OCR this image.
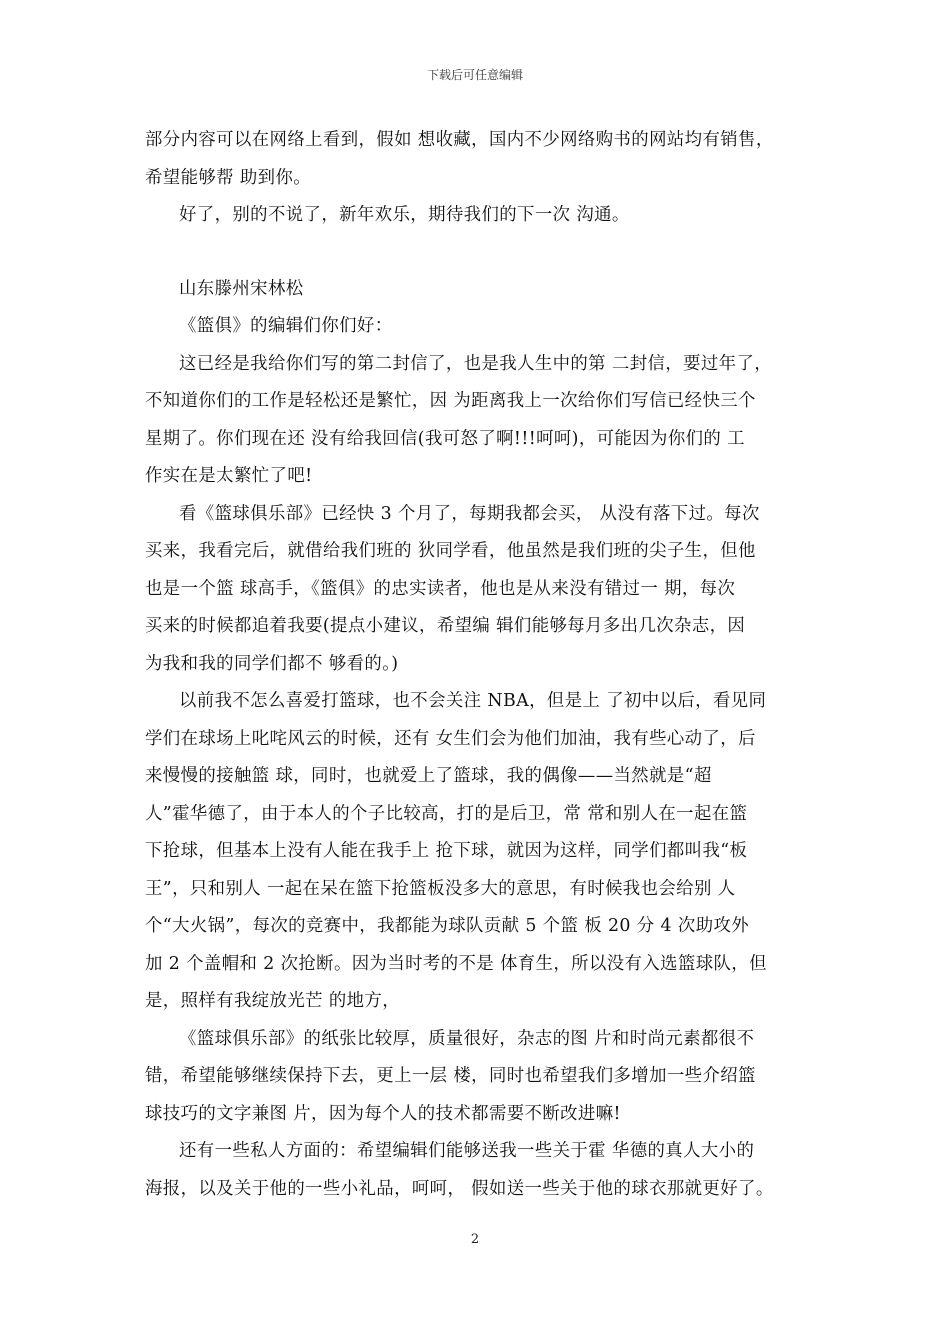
下载后可任意编辑
部分内容可以在网络上看到，假如 想收藏，国内不少网络购书的网站均有销售，
希望能够帮 助到你。
好了，别的不说了，新年欢乐，期待我们的下一次 沟通。
山东滕州宋林松
《篮俱》的编辑们你们好：
这已经是我给你们写的第二封信了，也是我人生中的第 二封信，要过年了，
不知道你们的工作是轻松还是繁忙，因 为距离我上一次给你们写信已经快三个
星期了。你们现在还 没有给我回信(我可怒了啊!!!呵呵)，可能因为你们的 工
作实在是太繁忙了吧!
看《篮球俱乐部》已经快 3 个月了，每期我都会买， 从没有落下过。每次
买来，我看完后，就借给我们班的 狄同学看，他虽然是我们班的尖子生，但他
也是一个篮 球高手，《篮俱》的忠实读者，他也是从来没有错过一 期，每次
买来的时候都追着我要(提点小建议，希望编 辑们能够每月多出几次杂志，因
为我和我的同学们都不 够看的。)
以前我不怎么喜爱打篮球，也不会关注 NBA，但是上 了初中以后，看见同
学们在球场上叱咤风云的时候，还有 女生们会为他们加油，我有些心动了，后
来慢慢的接触篮 球，同时，也就爱上了篮球，我的偶像——当然就是“超
人”霍华德了，由于本人的个子比较高，打的是后卫，常 常和别人在一起在篮
下抢球，但基本上没有人能在我手上 抢下球，就因为这样，同学们都叫我“板
王”，只和别人 一起在呆在篮下抢篮板没多大的意思，有时候我也会给别 人
个“大火锅”，每次的竞赛中，我都能为球队贡献 5 个篮 板 20 分 4 次助攻外
加 2 个盖帽和 2 次抢断。因为当时考的不是 体育生，所以没有入选篮球队，但
是，照样有我绽放光芒 的地方，
《篮球俱乐部》的纸张比较厚，质量很好，杂志的图 片和时尚元素都很不
错，希望能够继续保持下去，更上一层 楼，同时也希望我们多增加一些介绍篮
球技巧的文字兼图 片，因为每个人的技术都需要不断改进嘛!
还有一些私人方面的：希望编辑们能够送我一些关于霍 华德的真人大小的
海报，以及关于他的一些小礼品，呵呵， 假如送一些关于他的球衣那就更好了。
2
